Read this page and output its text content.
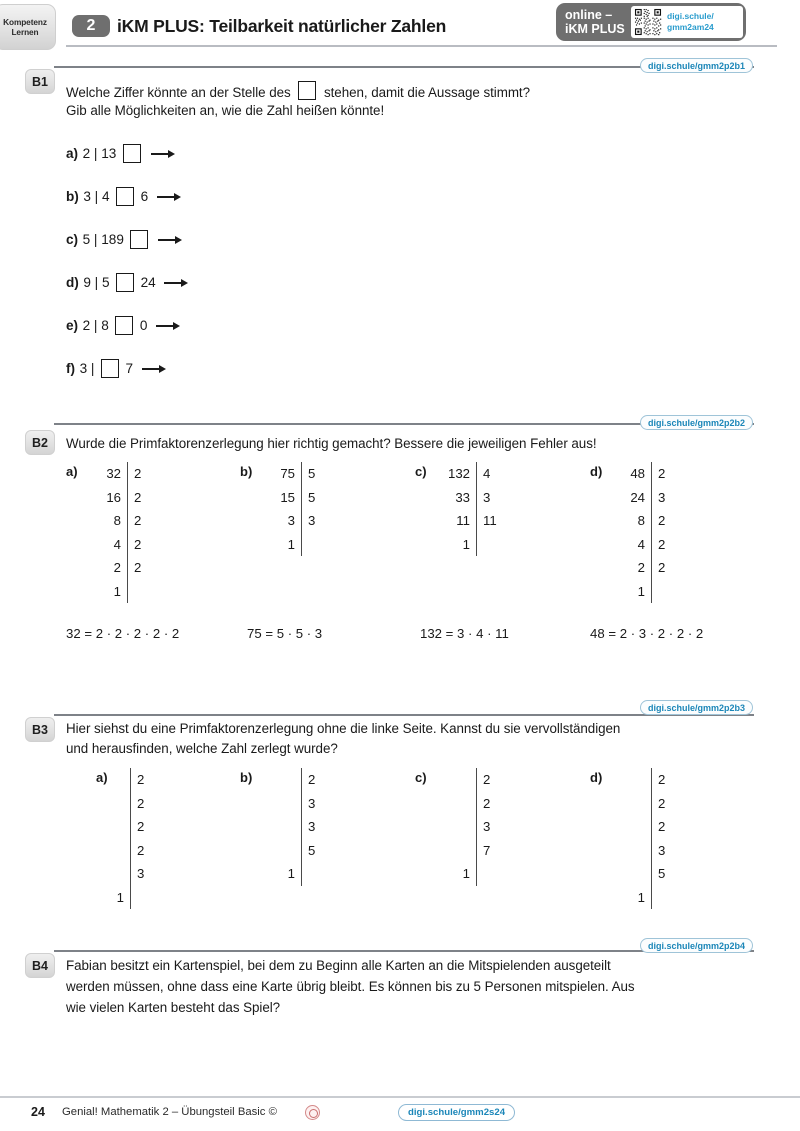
Kompetenz
Lernen	2	iKM PLUS: Teilbarkeit natürlicher Zahlen
online –
iKM PLUS
digi.schule/
gmm2am24
B1
digi.schule/gmm2p2b1
Welche Ziffer könnte an der Stelle des stehen, damit die Aussage stimmt?
Gib alle Möglichkeiten an, wie die Zahl heißen könnte!
a) 2 | 13
b) 3 | 4 6
c) 5 | 189
d) 9 | 5 24
e) 2 | 8 0
f) 3 | 7
B2
digi.schule/gmm2p2b2
Wurde die Primfaktorenzerlegung hier richtig gemacht? Bessere die jeweiligen Fehler aus!
a)	32 2
16 2
8 2
4 2
2 2
1
32 = 2 · 2 · 2 · 2 · 2
b)	75 5
15 5
3 3
1
75 = 5 · 5 · 3
c)	132 4
33 3
11 11
1
132 = 3 · 4 · 11
d)	48 2
24 3
8 2
4 2
2 2
1
48 = 2 · 3 · 2 · 2 · 2
B3
digi.schule/gmm2p2b3
Hier siehst du eine Primfaktorenzerlegung ohne die linke Seite. Kannst du sie vervollständigen
und herausfinden, welche Zahl zerlegt wurde?
a)	2
2
2
2
3
1
b)	2
3
3
5
1
c)	2
2
3
7
1
d)	2
2
2
3
5
1
B4
digi.schule/gmm2p2b4
Fabian besitzt ein Kartenspiel, bei dem zu Beginn alle Karten an die Mitspielenden ausgeteilt
werden müssen, ohne dass eine Karte übrig bleibt. Es können bis zu 5 Personen mitspielen. Aus
wie vielen Karten besteht das Spiel?
24 Genial! Mathematik 2 – Übungsteil Basic ©	digi.schule/gmm2s24
